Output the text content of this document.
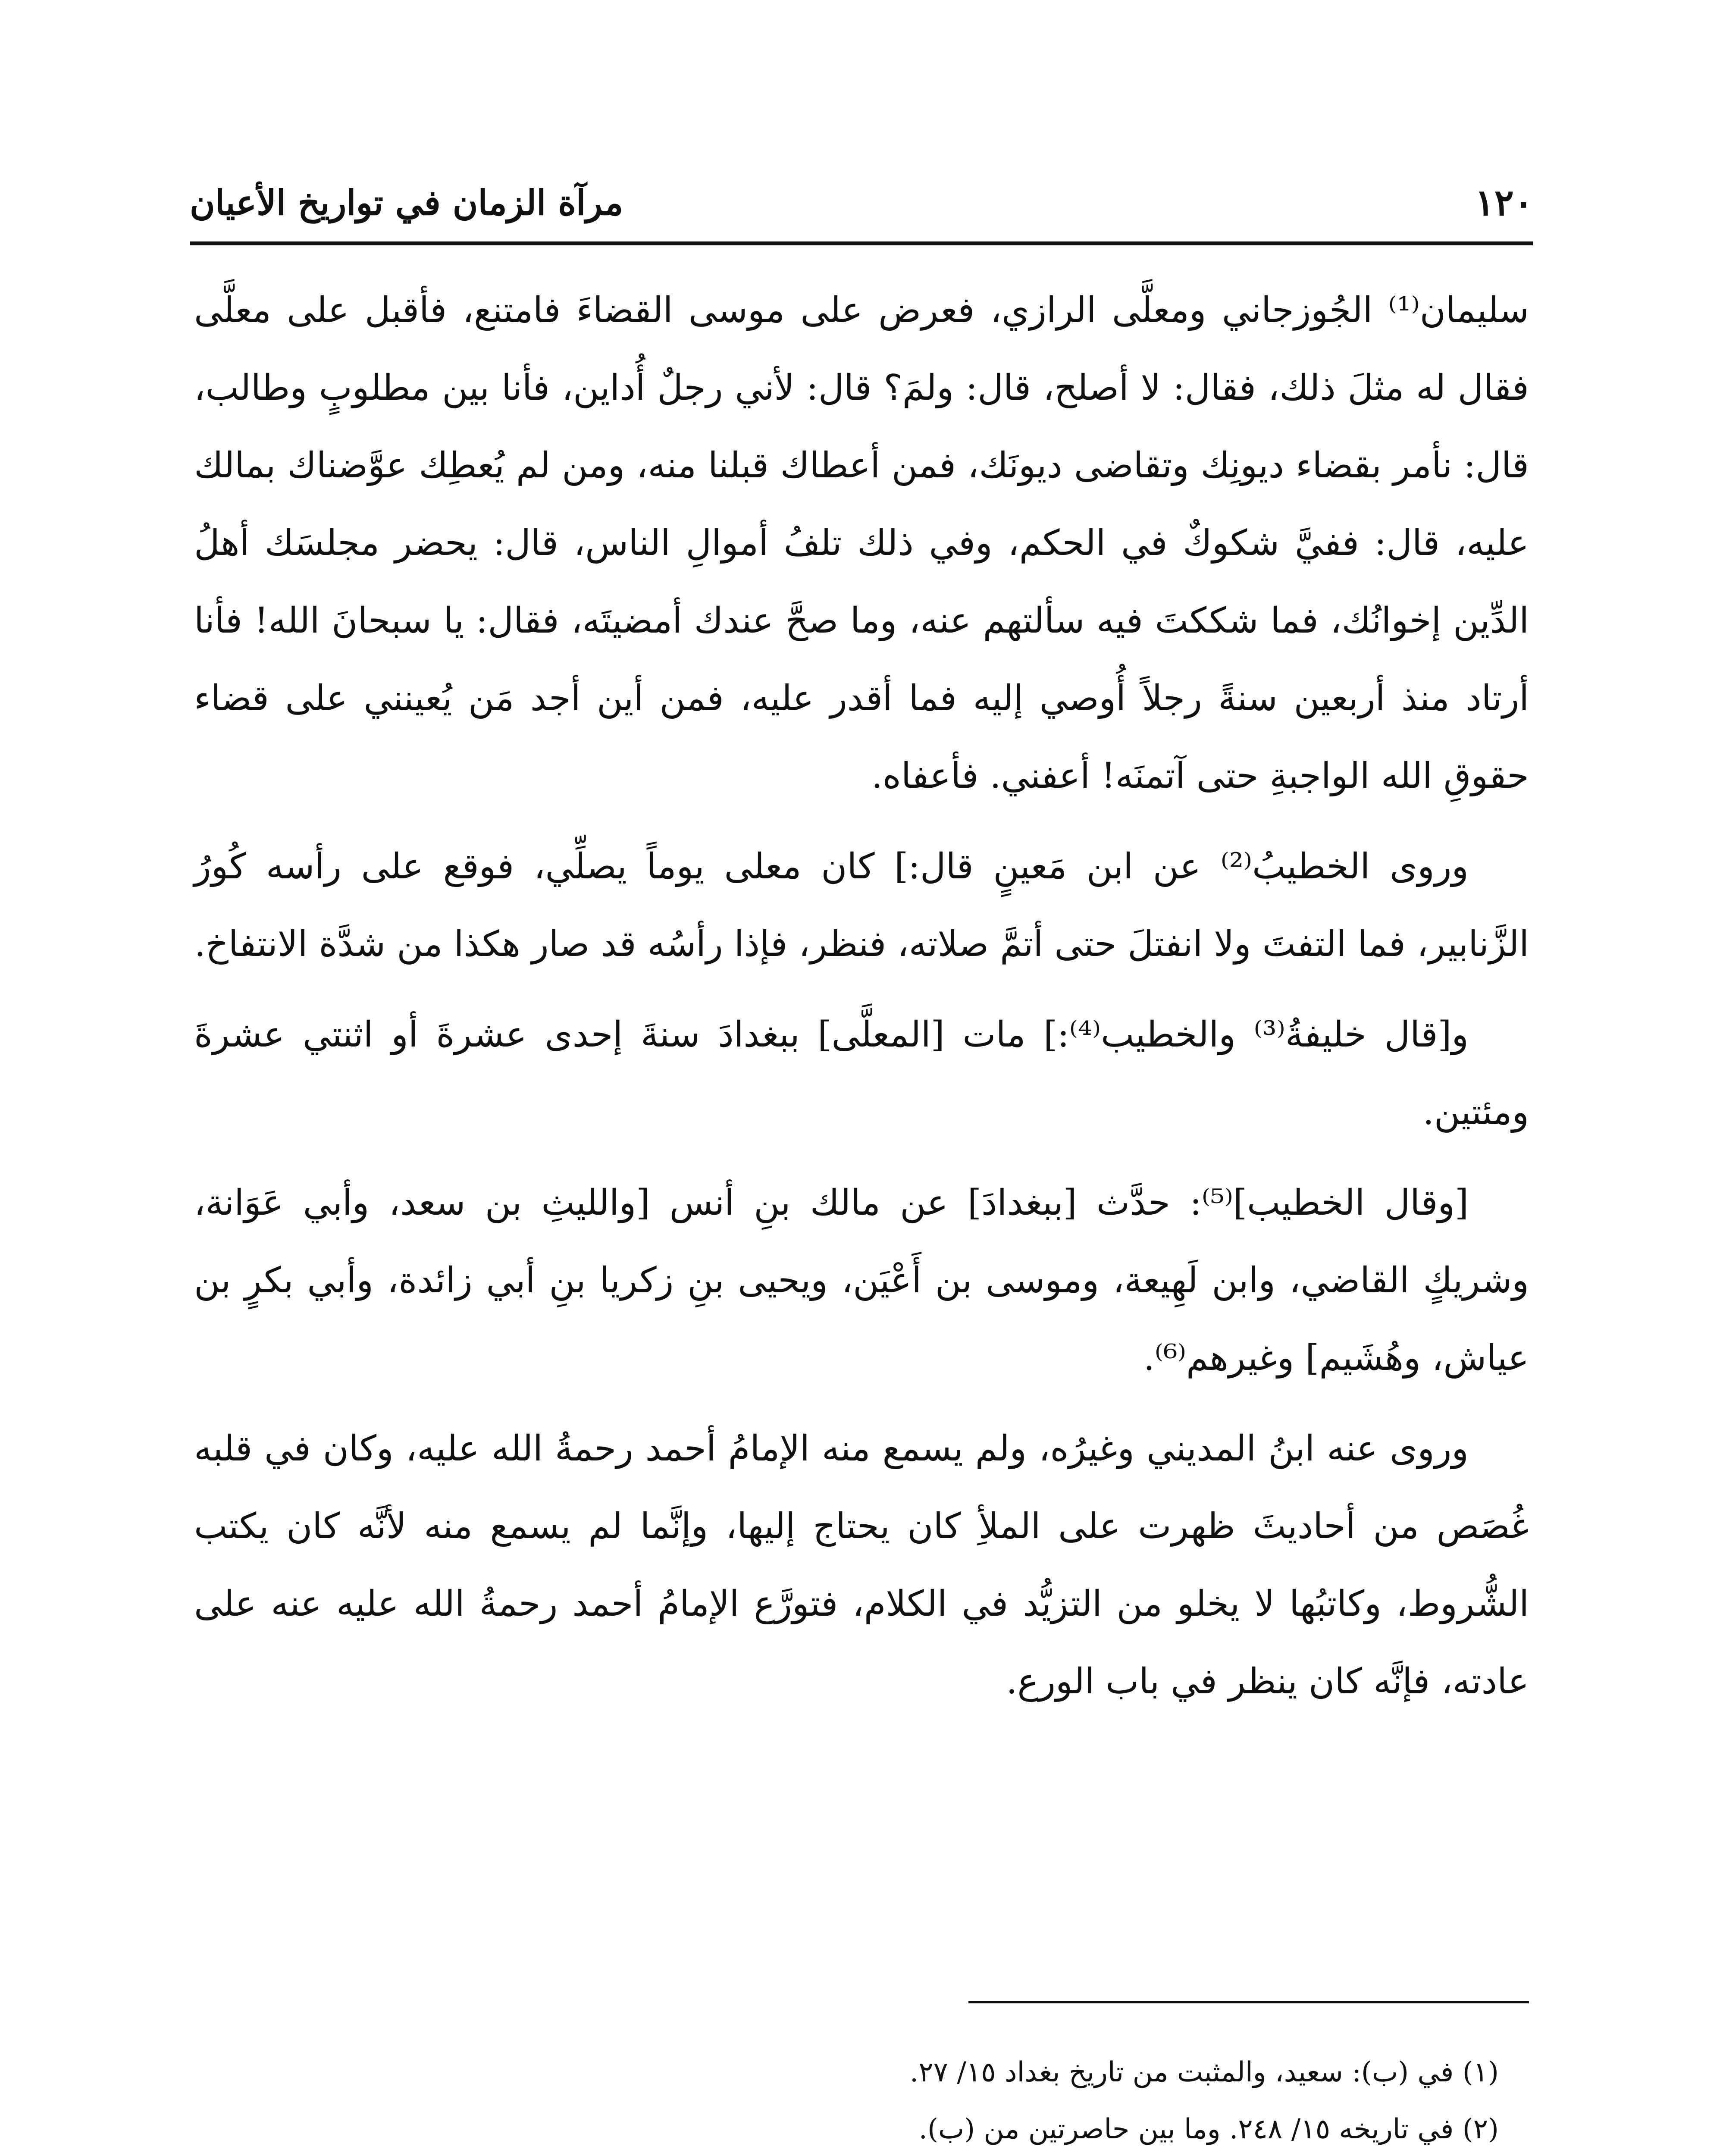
١٢٠
مرآة الزمان في تواريخ الأعيان

سليمان⁽¹⁾ الجُوزجاني ومعلَّى الرازي، فعرض على موسى القضاءَ فامتنع، فأقبل على معلَّى فقال له مثلَ ذلك، فقال: لا أصلح، قال: ولمَ؟ قال: لأني رجلٌ أُداين، فأنا بين مطلوبٍ وطالب، قال: نأمر بقضاء ديونِك وتقاضى ديونَك، فمن أعطاك قبلنا منه، ومن لم يُعطِك عوَّضناك بمالك عليه، قال: ففيَّ شكوكٌ في الحكم، وفي ذلك تلفُ أموالِ الناس، قال: يحضر مجلسَك أهلُ الدِّين إخوانُك، فما شككتَ فيه سألتهم عنه، وما صحَّ عندك أمضيتَه، فقال: يا سبحانَ الله! فأنا أرتاد منذ أربعين سنةً رجلاً أُوصي إليه فما أقدر عليه، فمن أين أجد مَن يُعينني على قضاء حقوقِ الله الواجبةِ حتى آتمنَه! أعفني. فأعفاه.

وروى الخطيبُ⁽²⁾ عن ابن مَعينٍ قال:] كان معلى يوماً يصلِّي، فوقع على رأسه كُورُ الزَّنابير، فما التفتَ ولا انفتلَ حتى أتمَّ صلاته، فنظر، فإذا رأسُه قد صار هكذا من شدَّة الانتفاخ.

و[قال خليفةُ⁽³⁾ والخطيب⁽⁴⁾:] مات [المعلَّى] ببغدادَ سنةَ إحدى عشرةَ أو اثنتي عشرةَ ومئتين.

[وقال الخطيب]⁽⁵⁾: حدَّث [ببغدادَ] عن مالك بنِ أنس [والليثِ بن سعد، وأبي عَوَانة، وشريكٍ القاضي، وابن لَهِيعة، وموسى بن أَعْيَن، ويحيى بنِ زكريا بنِ أبي زائدة، وأبي بكرٍ بن عياش، وهُشَيم] وغيرهم⁽⁶⁾.

وروى عنه ابنُ المديني وغيرُه، ولم يسمع منه الإمامُ أحمد رحمةُ الله عليه، وكان في قلبه غُصَص من أحاديثَ ظهرت على الملأِ كان يحتاج إليها، وإنَّما لم يسمع منه لأنَّه كان يكتب الشُّروط، وكاتبُها لا يخلو من التزيُّد في الكلام، فتورَّع الإمامُ أحمد رحمةُ الله عليه عنه على عادته، فإنَّه كان ينظر في باب الورع.

(١) في (ب): سعيد، والمثبت من تاريخ بغداد ١٥/ ٢٧.
(٢) في تاريخه ١٥/ ٢٤٨. وما بين حاصرتين من (ب).
